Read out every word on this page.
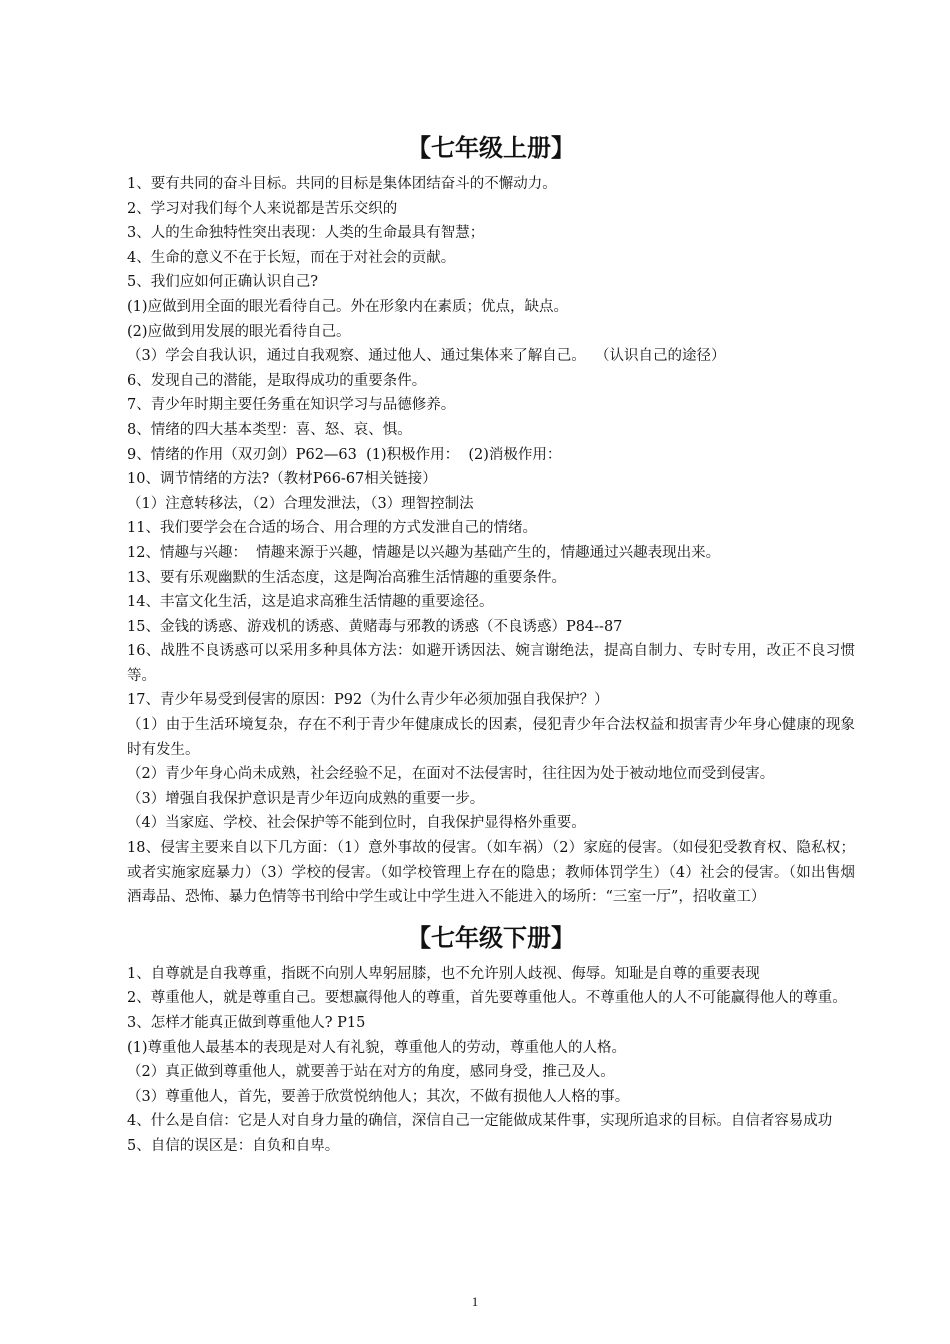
【七年级上册】

1、要有共同的奋斗目标。共同的目标是集体团结奋斗的不懈动力。

2、学习对我们每个人来说都是苦乐交织的

3、人的生命独特性突出表现：人类的生命最具有智慧；

4、生命的意义不在于长短，而在于对社会的贡献。

5、我们应如何正确认识自己?

(1)应做到用全面的眼光看待自己。外在形象内在素质；优点，缺点。

(2)应做到用发展的眼光看待自己。

（3）学会自我认识，通过自我观察、通过他人、通过集体来了解自己。  （认识自己的途径）

6、发现自己的潜能，是取得成功的重要条件。

7、青少年时期主要任务重在知识学习与品德修养。

8、情绪的四大基本类型：喜、怒、哀、惧。

9、情绪的作用（双刃剑）P62—63  (1)积极作用：  (2)消极作用：

10、调节情绪的方法?（教材P66-67相关链接）

（1）注意转移法，（2）合理发泄法，（3）理智控制法

11、我们要学会在合适的场合、用合理的方式发泄自己的情绪。

12、情趣与兴趣：  情趣来源于兴趣，情趣是以兴趣为基础产生的，情趣通过兴趣表现出来。

13、要有乐观幽默的生活态度，这是陶冶高雅生活情趣的重要条件。

14、丰富文化生活，这是追求高雅生活情趣的重要途径。

15、金钱的诱惑、游戏机的诱惑、黄赌毒与邪教的诱惑（不良诱惑）P84--87

16、战胜不良诱惑可以采用多种具体方法：如避开诱因法、婉言谢绝法，提高自制力、专时专用，改正不良习惯等。

17、青少年易受到侵害的原因：P92（为什么青少年必须加强自我保护？）

（1）由于生活环境复杂，存在不利于青少年健康成长的因素，侵犯青少年合法权益和损害青少年身心健康的现象时有发生。

（2）青少年身心尚未成熟，社会经验不足，在面对不法侵害时，往往因为处于被动地位而受到侵害。

（3）增强自我保护意识是青少年迈向成熟的重要一步。

（4）当家庭、学校、社会保护等不能到位时，自我保护显得格外重要。

18、侵害主要来自以下几方面：（1）意外事故的侵害。（如车祸）（2）家庭的侵害。（如侵犯受教育权、隐私权；或者实施家庭暴力）（3）学校的侵害。（如学校管理上存在的隐患；教师体罚学生）（4）社会的侵害。（如出售烟酒毒品、恐怖、暴力色情等书刊给中学生或让中学生进入不能进入的场所：“三室一厅”，招收童工）

【七年级下册】

1、自尊就是自我尊重，指既不向别人卑躬屈膝，也不允许别人歧视、侮辱。知耻是自尊的重要表现

2、尊重他人，就是尊重自己。要想赢得他人的尊重，首先要尊重他人。不尊重他人的人不可能赢得他人的尊重。

3、怎样才能真正做到尊重他人? P15

(1)尊重他人最基本的表现是对人有礼貌，尊重他人的劳动，尊重他人的人格。

（2）真正做到尊重他人，就要善于站在对方的角度，感同身受，推己及人。

（3）尊重他人，首先，要善于欣赏悦纳他人；其次，不做有损他人人格的事。

4、什么是自信：它是人对自身力量的确信，深信自己一定能做成某件事，实现所追求的目标。自信者容易成功

5、自信的误区是：自负和自卑。

1
